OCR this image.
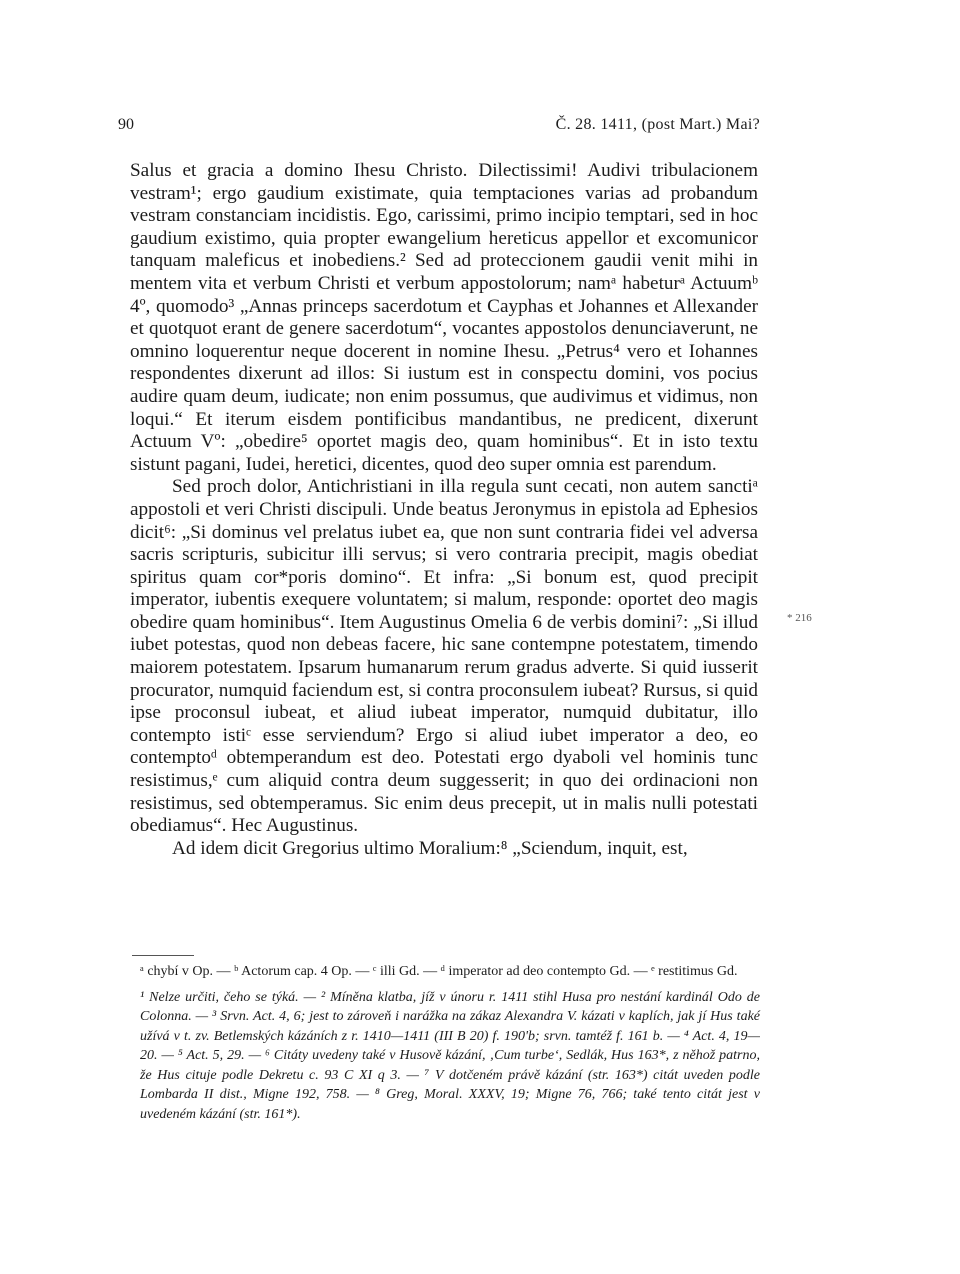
90	Č. 28. 1411, (post Mart.) Mai?

Salus et gracia a domino Ihesu Christo. Dilectissimi! Audivi tribulacionem vestram¹; ergo gaudium existimate, quia temptaciones varias ad probandum vestram constanciam incidistis. Ego, carissimi, primo incipio temptari, sed in hoc gaudium existimo, quia propter ewangelium hereticus appellor et excomunicor tanquam maleficus et inobediens.² Sed ad proteccionem gaudii venit mihi in mentem vita et verbum Christi et verbum appostolorum; namᵃ habeturᵃ Actuumᵇ 4º, quomodo³ „Annas princeps sacerdotum et Cayphas et Johannes et Allexander et quotquot erant de genere sacerdotum“, vocantes appostolos denunciaverunt, ne omnino loquerentur neque docerent in nomine Ihesu. „Petrus⁴ vero et Iohannes respondentes dixerunt ad illos: Si iustum est in conspectu domini, vos pocius audire quam deum, iudicate; non enim possumus, que audivimus et vidimus, non loqui.“ Et iterum eisdem pontificibus mandantibus, ne predicent, dixerunt Actuum Vº: „obedire⁵ oportet magis deo, quam hominibus“. Et in isto textu sistunt pagani, Iudei, heretici, dicentes, quod deo super omnia est parendum.

Sed proch dolor, Antichristiani in illa regula sunt cecati, non autem sanctiᵃ appostoli et veri Christi discipuli. Unde beatus Jeronymus in epistola ad Ephesios dicit⁶: „Si dominus vel prelatus iubet ea, que non sunt contraria fidei vel adversa sacris scripturis, subicitur illi servus; si vero contraria precipit, magis obediat spiritus quam cor*poris domino“. Et infra: „Si bonum est, quod precipit imperator, iubentis exequere voluntatem; si malum, responde: oportet deo magis obedire quam hominibus“. Item Augustinus Omelia 6 de verbis domini⁷: „Si illud iubet potestas, quod non debeas facere, hic sane contempne potestatem, timendo maiorem potestatem. Ipsarum humanarum rerum gradus adverte. Si quid iusserit procurator, numquid faciendum est, si contra proconsulem iubeat? Rursus, si quid ipse proconsul iubeat, et aliud iubeat imperator, numquid dubitatur, illo contempto istiᶜ esse serviendum? Ergo si aliud iubet imperator a deo, eo contemptoᵈ obtemperandum est deo. Potestati ergo dyaboli vel hominis tunc resistimus,ᵉ cum aliquid contra deum suggesserit; in quo dei ordinacioni non resistimus, sed obtemperamus. Sic enim deus precepit, ut in malis nulli potestati obediamus“. Hec Augustinus.

Ad idem dicit Gregorius ultimo Moralium:⁸ „Sciendum, inquit, est,

* 216

ᵃ chybí v Op. — ᵇ Actorum cap. 4 Op. — ᶜ illi Gd. — ᵈ imperator ad deo contempto Gd. — ᵉ restitimus Gd.

¹ Nelze určiti, čeho se týká. — ² Míněna klatba, jíž v únoru r. 1411 stihl Husa pro nestání kardinál Odo de Colonna. — ³ Srvn. Act. 4, 6; jest to zároveň i narážka na zákaz Alexandra V. kázati v kaplích, jak jí Hus také užívá v t. zv. Betlemských kázáních z r. 1410—1411 (III B 20) f. 190'b; srvn. tamtéž f. 161 b. — ⁴ Act. 4, 19—20. — ⁵ Act. 5, 29. — ⁶ Citáty uvedeny také v Husově kázání, ‚Cum turbe‘, Sedlák, Hus 163*, z něhož patrno, že Hus cituje podle Dekretu c. 93 C XI q 3. — ⁷ V dotčeném právě kázání (str. 163*) citát uveden podle Lombarda II dist., Migne 192, 758. — ⁸ Greg, Moral. XXXV, 19; Migne 76, 766; také tento citát jest v uvedeném kázání (str. 161*).
